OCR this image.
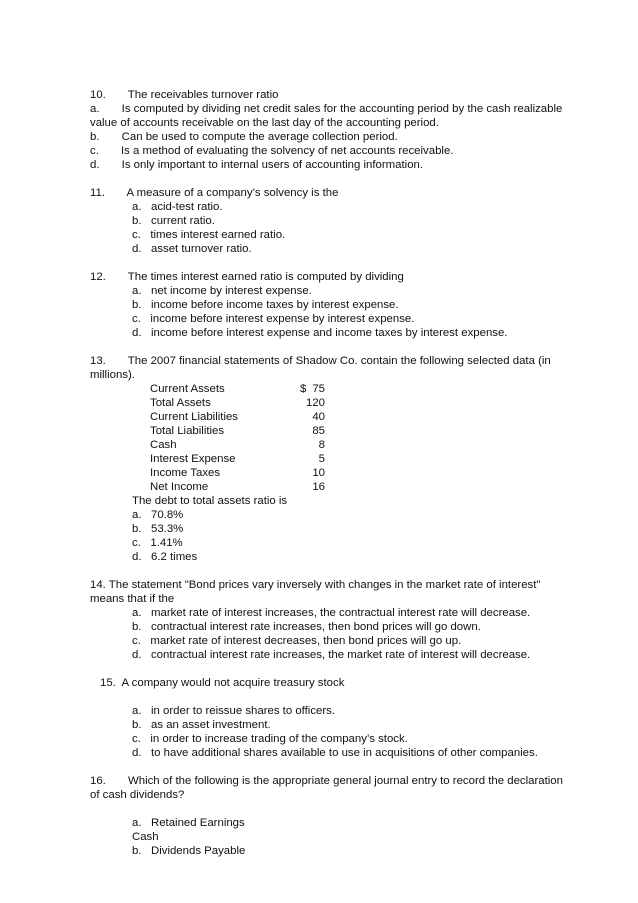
10.       The receivables turnover ratio
a.       Is computed by dividing net credit sales for the accounting period by the cash realizable
value of accounts receivable on the last day of the accounting period.
b.       Can be used to compute the average collection period.
c.       Is a method of evaluating the solvency of net accounts receivable.
d.       Is only important to internal users of accounting information.
11.       A measure of a company’s solvency is the
a.   acid-test ratio.
b.   current ratio.
c.   times interest earned ratio.
d.   asset turnover ratio.
12.       The times interest earned ratio is computed by dividing
a.   net income by interest expense.
b.   income before income taxes by interest expense.
c.   income before interest expense by interest expense.
d.   income before interest expense and income taxes by interest expense.
13.       The 2007 financial statements of Shadow Co. contain the following selected data (in
millions).
Current Assets	$ 75
Total Assets	120
Current Liabilities	40
Total Liabilities	85
Cash	8
Interest Expense	5
Income Taxes	10
Net Income	16
The debt to total assets ratio is
a.   70.8%
b.   53.3%
c.   1.41%
d.   6.2 times
14. The statement "Bond prices vary inversely with changes in the market rate of interest"
means that if the
a.   market rate of interest increases, the contractual interest rate will decrease.
b.   contractual interest rate increases, then bond prices will go down.
c.   market rate of interest decreases, then bond prices will go up.
d.   contractual interest rate increases, the market rate of interest will decrease.
15.  A company would not acquire treasury stock
a.   in order to reissue shares to officers.
b.   as an asset investment.
c.   in order to increase trading of the company’s stock.
d.   to have additional shares available to use in acquisitions of other companies.
16.       Which of the following is the appropriate general journal entry to record the declaration
of cash dividends?
a.   Retained Earnings
Cash
b.   Dividends Payable
